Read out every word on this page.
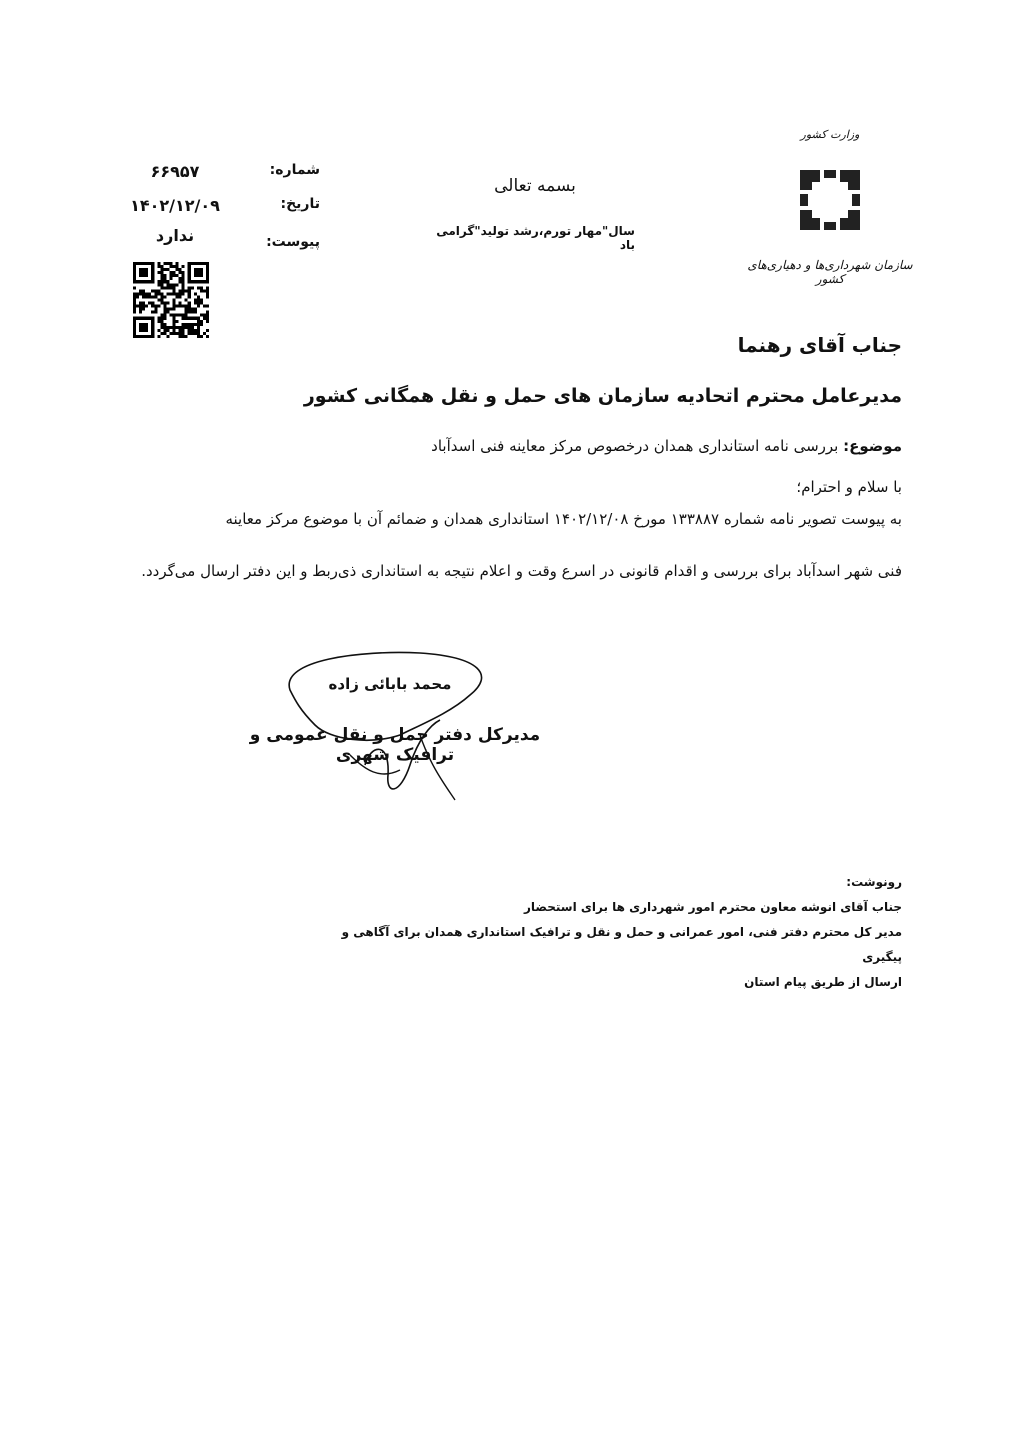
بسمه تعالی
سال"مهار تورم،رشد تولید"گرامی باد
وزارت کشور
سازمان شهرداری‌ها و دهیاری‌های کشور
شماره:
۶۶۹۵۷
تاریخ:
۱۴۰۲/۱۲/۰۹
پیوست:
ندارد
جناب آقای رهنما
مدیرعامل محترم اتحادیه سازمان های حمل و نقل همگانی کشور
موضوع: بررسی نامه استانداری همدان درخصوص مرکز معاینه فنی اسدآباد
با سلام و احترام؛
به پیوست تصویر نامه شماره ۱۳۳۸۸۷ مورخ ۱۴۰۲/۱۲/۰۸ استانداری همدان و ضمائم آن با موضوع مرکز معاینه
فنی شهر اسدآباد برای بررسی و اقدام قانونی در اسرع وقت و اعلام نتیجه به استانداری ذی‌ربط و این دفتر ارسال می‌گردد.
محمد بابائی زاده
مدیرکل دفتر حمل و نقل عمومی و ترافیک شهری
رونوشت:
جناب آقای انوشه معاون محترم امور شهرداری ها برای استحضار
مدیر کل محترم دفتر فنی، امور عمرانی و حمل و نقل و ترافیک استانداری همدان برای آگاهی و پیگیری
ارسال از طریق پیام استان
